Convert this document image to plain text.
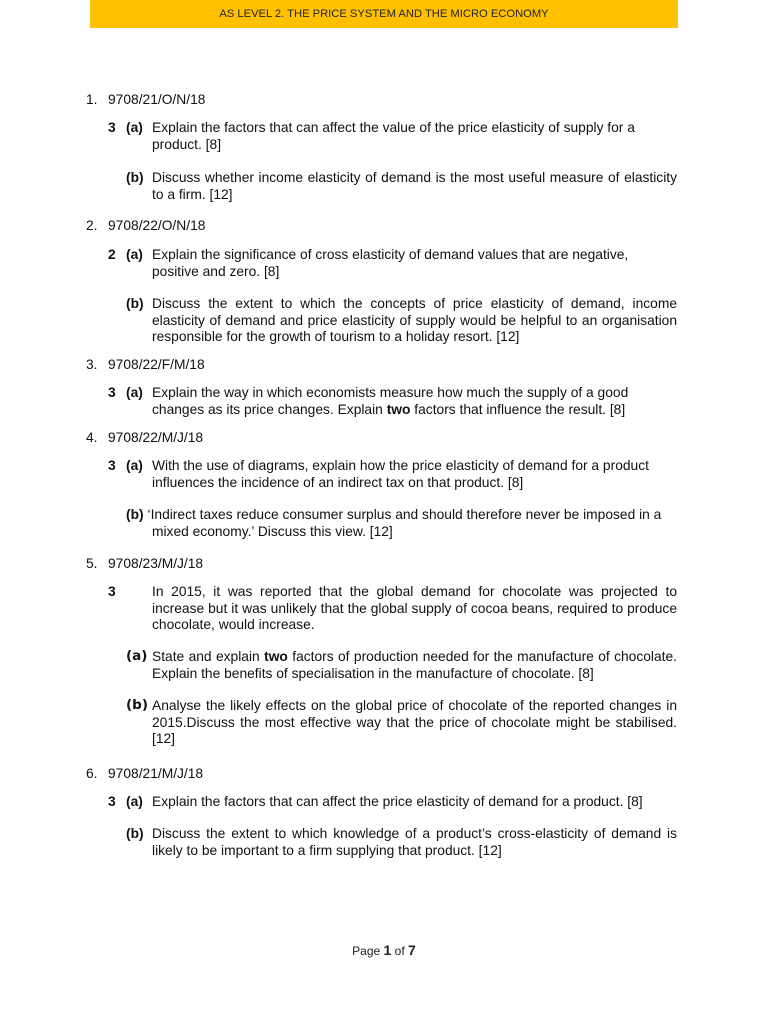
AS LEVEL 2. THE PRICE SYSTEM AND THE MICRO ECONOMY
1. 9708/21/O/N/18
3 (a) Explain the factors that can affect the value of the price elasticity of supply for a
product. [8]
(b) Discuss whether income elasticity of demand is the most useful measure of elasticity
to a firm. [12]
2. 9708/22/O/N/18
2 (a) Explain the significance of cross elasticity of demand values that are negative,
positive and zero. [8]
(b) Discuss the extent to which the concepts of price elasticity of demand, income
elasticity of demand and price elasticity of supply would be helpful to an organisation
responsible for the growth of tourism to a holiday resort. [12]
3. 9708/22/F/M/18
3 (a) Explain the way in which economists measure how much the supply of a good
changes as its price changes. Explain two factors that influence the result. [8]
4. 9708/22/M/J/18
3 (a) With the use of diagrams, explain how the price elasticity of demand for a product
influences the incidence of an indirect tax on that product. [8]
(b) ‘Indirect taxes reduce consumer surplus and should therefore never be imposed in a
mixed economy.’ Discuss this view. [12]
5. 9708/23/M/J/18
3	In 2015, it was reported that the global demand for chocolate was projected to
increase but it was unlikely that the global supply of cocoa beans, required to produce
chocolate, would increase.
(a) State and explain two factors of production needed for the manufacture of chocolate.
Explain the benefits of specialisation in the manufacture of chocolate. [8]
(b) Analyse the likely effects on the global price of chocolate of the reported changes in
2015.Discuss the most effective way that the price of chocolate might be stabilised.
[12]
6. 9708/21/M/J/18
3 (a) Explain the factors that can affect the price elasticity of demand for a product. [8]
(b) Discuss the extent to which knowledge of a product’s cross-elasticity of demand is
likely to be important to a firm supplying that product. [12]
Page 1 of 7
